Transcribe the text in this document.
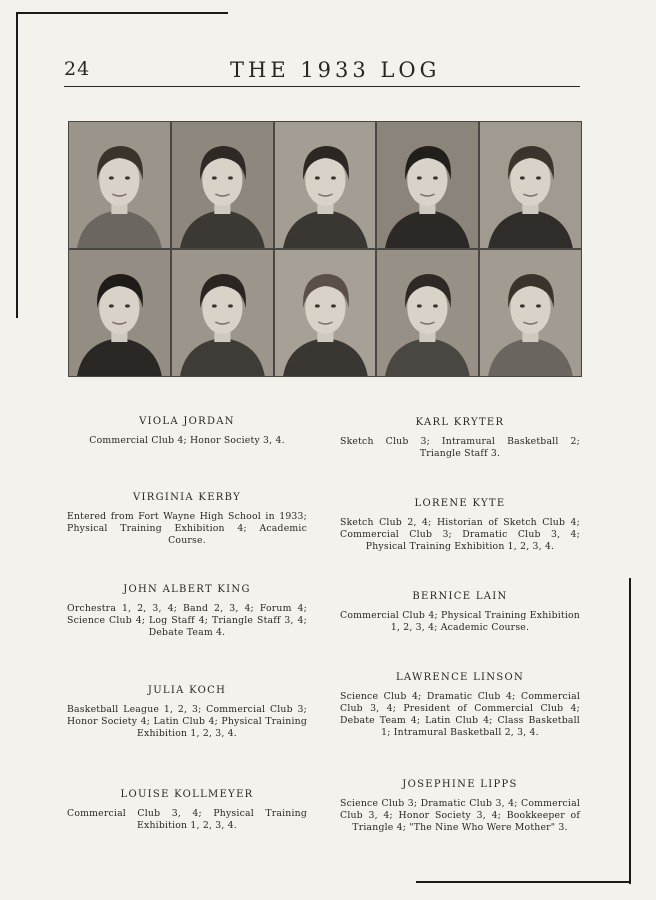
24	THE 1933 LOG
VIOLA JORDAN
Commercial Club 4; Honor Society 3, 4.
VIRGINIA KERBY
Entered from Fort Wayne High School in 1933; Physical Training Exhibition 4; Academic Course.
JOHN ALBERT KING
Orchestra 1, 2, 3, 4; Band 2, 3, 4; Forum 4; Science Club 4; Log Staff 4; Triangle Staff 3, 4; Debate Team 4.
JULIA KOCH
Basketball League 1, 2, 3; Commercial Club 3; Honor Society 4; Latin Club 4; Physical Training Exhibition 1, 2, 3, 4.
LOUISE KOLLMEYER
Commercial Club 3, 4; Physical Training Exhibition 1, 2, 3, 4.
KARL KRYTER
Sketch Club 3; Intramural Basketball 2; Triangle Staff 3.
LORENE KYTE
Sketch Club 2, 4; Historian of Sketch Club 4; Commercial Club 3; Dramatic Club 3, 4; Physical Training Exhibition 1, 2, 3, 4.
BERNICE LAIN
Commercial Club 4; Physical Training Exhibition 1, 2, 3, 4; Academic Course.
LAWRENCE LINSON
Science Club 4; Dramatic Club 4; Commercial Club 3, 4; President of Commercial Club 4; Debate Team 4; Latin Club 4; Class Basketball 1; Intramural Basketball 2, 3, 4.
JOSEPHINE LIPPS
Science Club 3; Dramatic Club 3, 4; Commercial Club 3, 4; Honor Society 3, 4; Bookkeeper of Triangle 4; "The Nine Who Were Mother" 3.
